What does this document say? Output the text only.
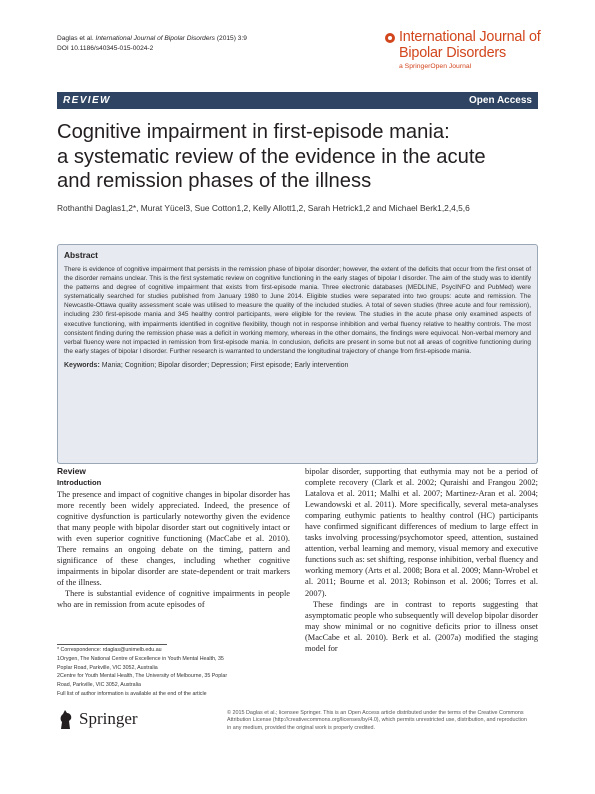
Daglas et al. International Journal of Bipolar Disorders (2015) 3:9
DOI 10.1186/s40345-015-0024-2
International Journal of
Bipolar Disorders
a SpringerOpen Journal
REVIEW	Open Access
Cognitive impairment in first-episode mania:
a systematic review of the evidence in the acute
and remission phases of the illness
Rothanthi Daglas1,2*, Murat Yücel3, Sue Cotton1,2, Kelly Allott1,2, Sarah Hetrick1,2 and Michael Berk1,2,4,5,6
Abstract
There is evidence of cognitive impairment that persists in the remission phase of bipolar disorder; however, the extent of the deficits that occur from the first onset of the disorder remains unclear. This is the first systematic review on cognitive functioning in the early stages of bipolar I disorder. The aim of the study was to identify the patterns and degree of cognitive impairment that exists from first-episode mania. Three electronic databases (MEDLINE, PsycINFO and PubMed) were systematically searched for studies published from January 1980 to June 2014. Eligible studies were separated into two groups: acute and remission. The Newcastle-Ottawa quality assessment scale was utilised to measure the quality of the included studies. A total of seven studies (three acute and four remission), including 230 first-episode mania and 345 healthy control participants, were eligible for the review. The studies in the acute phase only examined aspects of executive functioning, with impairments identified in cognitive flexibility, though not in response inhibition and verbal fluency relative to healthy controls. The most consistent finding during the remission phase was a deficit in working memory, whereas in the other domains, the findings were equivocal. Non-verbal memory and verbal fluency were not impacted in remission from first-episode mania. In conclusion, deficits are present in some but not all areas of cognitive functioning during the early stages of bipolar I disorder. Further research is warranted to understand the longitudinal trajectory of change from first-episode mania.
Keywords: Mania; Cognition; Bipolar disorder; Depression; First episode; Early intervention
Review
Introduction

The presence and impact of cognitive changes in bipolar disorder has more recently been widely appreciated. Indeed, the presence of cognitive dysfunction is particularly noteworthy given the evidence that many people with bipolar disorder start out cognitively intact or with even superior cognitive functioning (MacCabe et al. 2010). There remains an ongoing debate on the timing, pattern and significance of these changes, including whether cognitive impairments in bipolar disorder are state-dependent or trait markers of the illness.

There is substantial evidence of cognitive impairments in people who are in remission from acute episodes of

bipolar disorder, supporting that euthymia may not be a period of complete recovery (Clark et al. 2002; Quraishi and Frangou 2002; Latalova et al. 2011; Malhi et al. 2007; Martinez-Aran et al. 2004; Lewandowski et al. 2011). More specifically, several meta-analyses comparing euthymic patients to healthy control (HC) participants have confirmed significant differences of medium to large effect in tasks involving processing/psychomotor speed, attention, sustained attention, verbal learning and memory, visual memory and executive functions such as: set shifting, response inhibition, verbal fluency and working memory (Arts et al. 2008; Bora et al. 2009; Mann-Wrobel et al. 2011; Bourne et al. 2013; Robinson et al. 2006; Torres et al. 2007).

These findings are in contrast to reports suggesting that asymptomatic people who subsequently will develop bipolar disorder may show minimal or no cognitive deficits prior to illness onset (MacCabe et al. 2010). Berk et al. (2007a) modified the staging model for

* Correspondence: rdaglas@unimelb.edu.au
1Orygen, The National Centre of Excellence in Youth Mental Health, 35
Poplar Road, Parkville, VIC 3052, Australia
2Centre for Youth Mental Health, The University of Melbourne, 35 Poplar
Road, Parkville, VIC 3052, Australia
Full list of author information is available at the end of the article
Springer	© 2015 Daglas et al.; licensee Springer. This is an Open Access article distributed under the terms of the Creative Commons
Attribution License (http://creativecommons.org/licenses/by/4.0), which permits unrestricted use, distribution, and reproduction
in any medium, provided the original work is properly credited.
